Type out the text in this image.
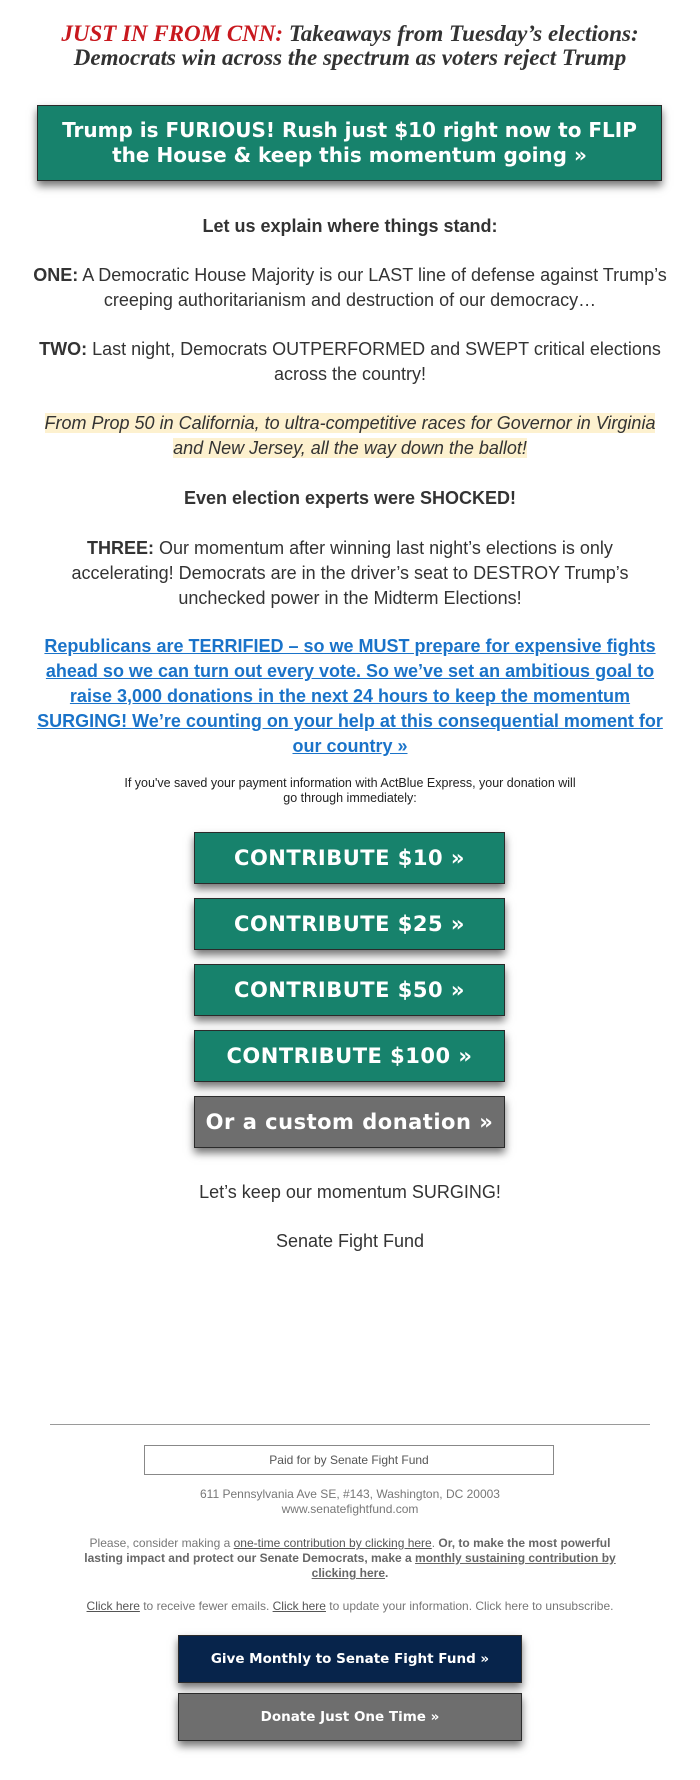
JUST IN FROM CNN: Takeaways from Tuesday’s elections:
Democrats win across the spectrum as voters reject Trump
Trump is FURIOUS! Rush just $10 right now to FLIP the House & keep this momentum going »
Let us explain where things stand:
ONE: A Democratic House Majority is our LAST line of defense against Trump’s creeping authoritarianism and destruction of our democracy…
TWO: Last night, Democrats OUTPERFORMED and SWEPT critical elections across the country!
From Prop 50 in California, to ultra-competitive races for Governor in Virginia and New Jersey, all the way down the ballot!
Even election experts were SHOCKED!
THREE: Our momentum after winning last night’s elections is only accelerating! Democrats are in the driver’s seat to DESTROY Trump’s unchecked power in the Midterm Elections!
Republicans are TERRIFIED – so we MUST prepare for expensive fights ahead so we can turn out every vote. So we’ve set an ambitious goal to raise 3,000 donations in the next 24 hours to keep the momentum SURGING! We’re counting on your help at this consequential moment for our country »
If you've saved your payment information with ActBlue Express, your donation will go through immediately:
CONTRIBUTE $10 »
CONTRIBUTE $25 »
CONTRIBUTE $50 »
CONTRIBUTE $100 »
Or a custom donation »
Let’s keep our momentum SURGING!
Senate Fight Fund
Paid for by Senate Fight Fund
611 Pennsylvania Ave SE, #143, Washington, DC 20003
www.senatefightfund.com
Please, consider making a one-time contribution by clicking here. Or, to make the most powerful lasting impact and protect our Senate Democrats, make a monthly sustaining contribution by clicking here.
Click here to receive fewer emails. Click here to update your information. Click here to unsubscribe.
Give Monthly to Senate Fight Fund »
Donate Just One Time »
